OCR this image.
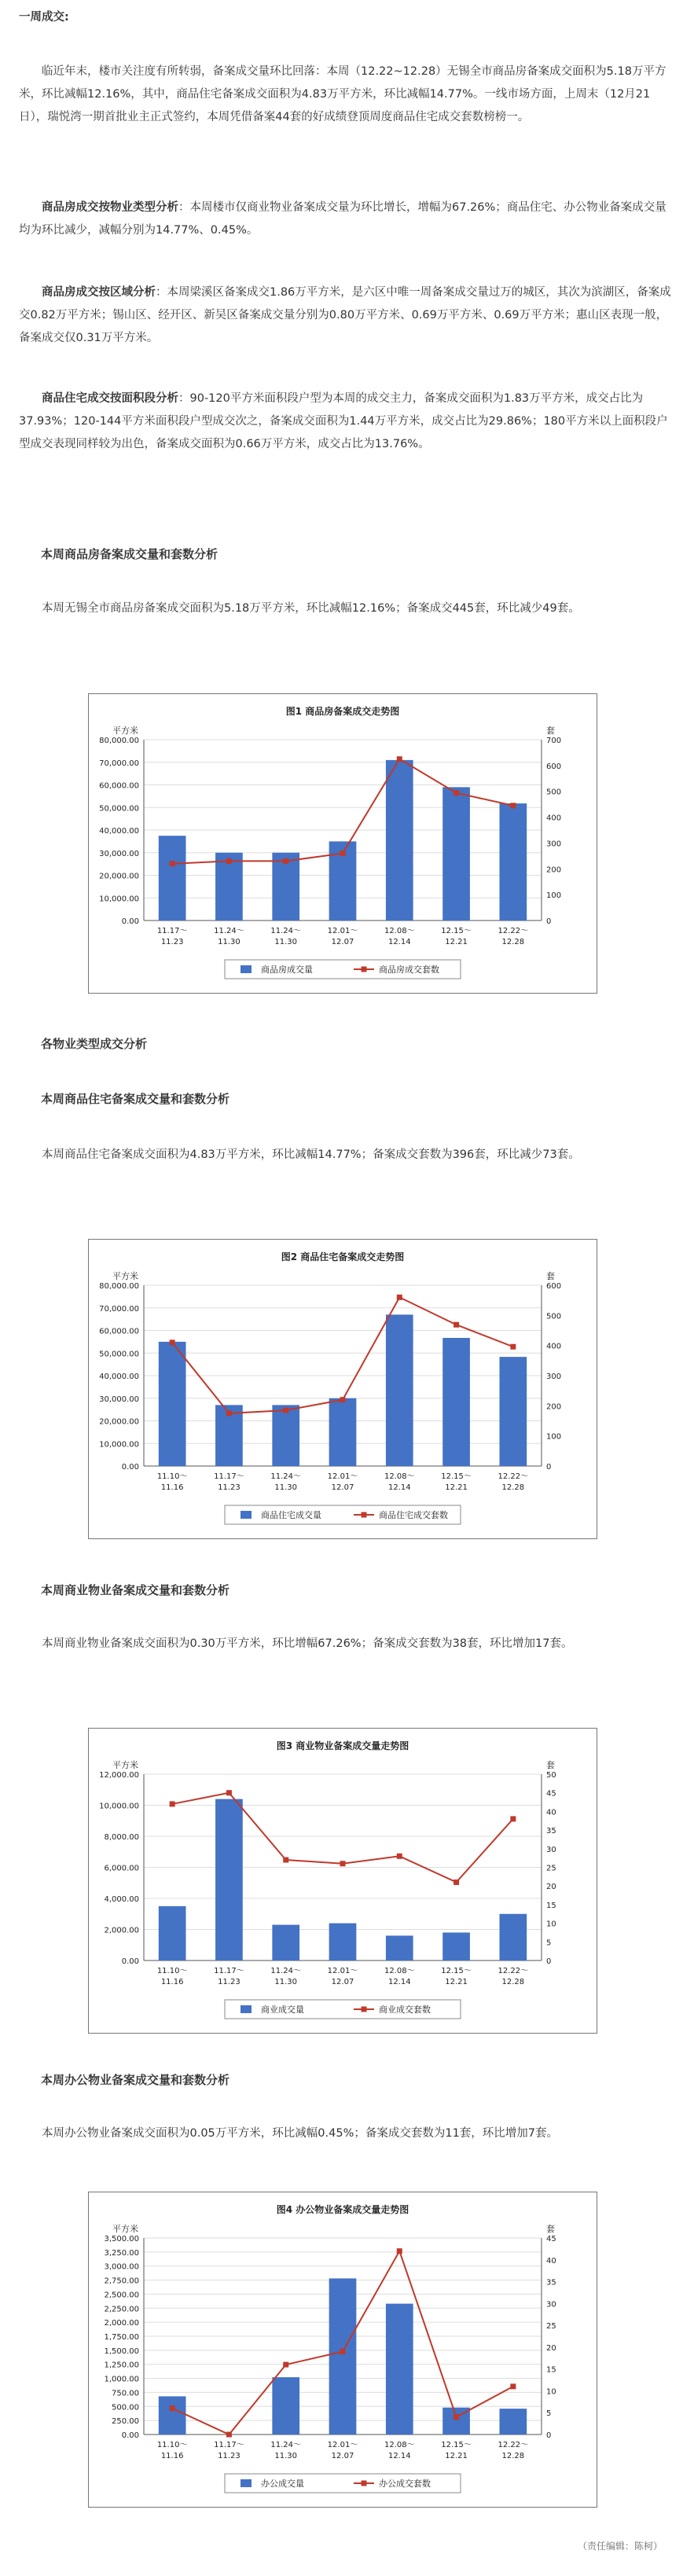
一周成交:

临近年末，楼市关注度有所转弱，备案成交量环比回落：本周（12.22~12.28）无锡全市商品房备案成交面积为5.18万平方米，环比减幅12.16%，其中，商品住宅备案成交面积为4.83万平方米，环比减幅14.77%。一线市场方面，上周末（12月21日），瑞悦湾一期首批业主正式签约，本周凭借备案44套的好成绩登顶周度商品住宅成交套数榜榜一。

商品房成交按物业类型分析：本周楼市仅商业物业备案成交量为环比增长，增幅为67.26%；商品住宅、办公物业备案成交量均为环比减少，减幅分别为14.77%、0.45%。

商品房成交按区域分析：本周梁溪区备案成交1.86万平方米，是六区中唯一周备案成交量过万的城区，其次为滨湖区，备案成交0.82万平方米；锡山区、经开区、新吴区备案成交量分别为0.80万平方米、0.69万平方米、0.69万平方米；惠山区表现一般，备案成交仅0.31万平方米。

商品住宅成交按面积段分析：90-120平方米面积段户型为本周的成交主力，备案成交面积为1.83万平方米，成交占比为37.93%；120-144平方米面积段户型成交次之，备案成交面积为1.44万平方米，成交占比为29.86%；180平方米以上面积段户型成交表现同样较为出色，备案成交面积为0.66万平方米，成交占比为13.76%。

本周商品房备案成交量和套数分析

本周无锡全市商品房备案成交面积为5.18万平方米，环比减幅12.16%；备案成交445套，环比减少49套。

图1 商品房备案成交走势图
平方米	套
0.00
10,000.00
20,000.00
30,000.00
40,000.00
50,000.00
60,000.00
70,000.00
80,000.00
0
100
200
300
400
500
600
700
11.17～
11.23
11.24～
11.30
11.24～
11.30
12.01～
12.07
12.08～
12.14
12.15～
12.21
12.22～
12.28
商品房成交量	商品房成交套数

各物业类型成交分析

本周商品住宅备案成交量和套数分析

本周商品住宅备案成交面积为4.83万平方米，环比减幅14.77%；备案成交套数为396套，环比减少73套。

图2 商品住宅备案成交走势图
平方米	套
0.00
10,000.00
20,000.00
30,000.00
40,000.00
50,000.00
60,000.00
70,000.00
80,000.00
0
100
200
300
400
500
600
11.10～
11.16
11.17～
11.23
11.24～
11.30
12.01～
12.07
12.08～
12.14
12.15～
12.21
12.22～
12.28
商品住宅成交量	商品住宅成交套数

本周商业物业备案成交量和套数分析

本周商业物业备案成交面积为0.30万平方米，环比增幅67.26%；备案成交套数为38套，环比增加17套。

图3 商业物业备案成交量走势图
平方米	套
0.00
2,000.00
4,000.00
6,000.00
8,000.00
10,000.00
12,000.00
0
5
10
15
20
25
30
35
40
45
50
11.10～
11.16
11.17～
11.23
11.24～
11.30
12.01～
12.07
12.08～
12.14
12.15～
12.21
12.22～
12.28
商业成交量	商业成交套数

本周办公物业备案成交量和套数分析

本周办公物业备案成交面积为0.05万平方米，环比减幅0.45%；备案成交套数为11套，环比增加7套。

图4 办公物业备案成交量走势图
平方米	套
0.00
250.00
500.00
750.00
1,000.00
1,250.00
1,500.00
1,750.00
2,000.00
2,250.00
2,500.00
2,750.00
3,000.00
3,250.00
3,500.00
0
5
10
15
20
25
30
35
40
45
11.10～
11.16
11.17～
11.23
11.24～
11.30
12.01～
12.07
12.08～
12.14
12.15～
12.21
12.22～
12.28
办公成交量	办公成交套数
（责任编辑：陈柯）
